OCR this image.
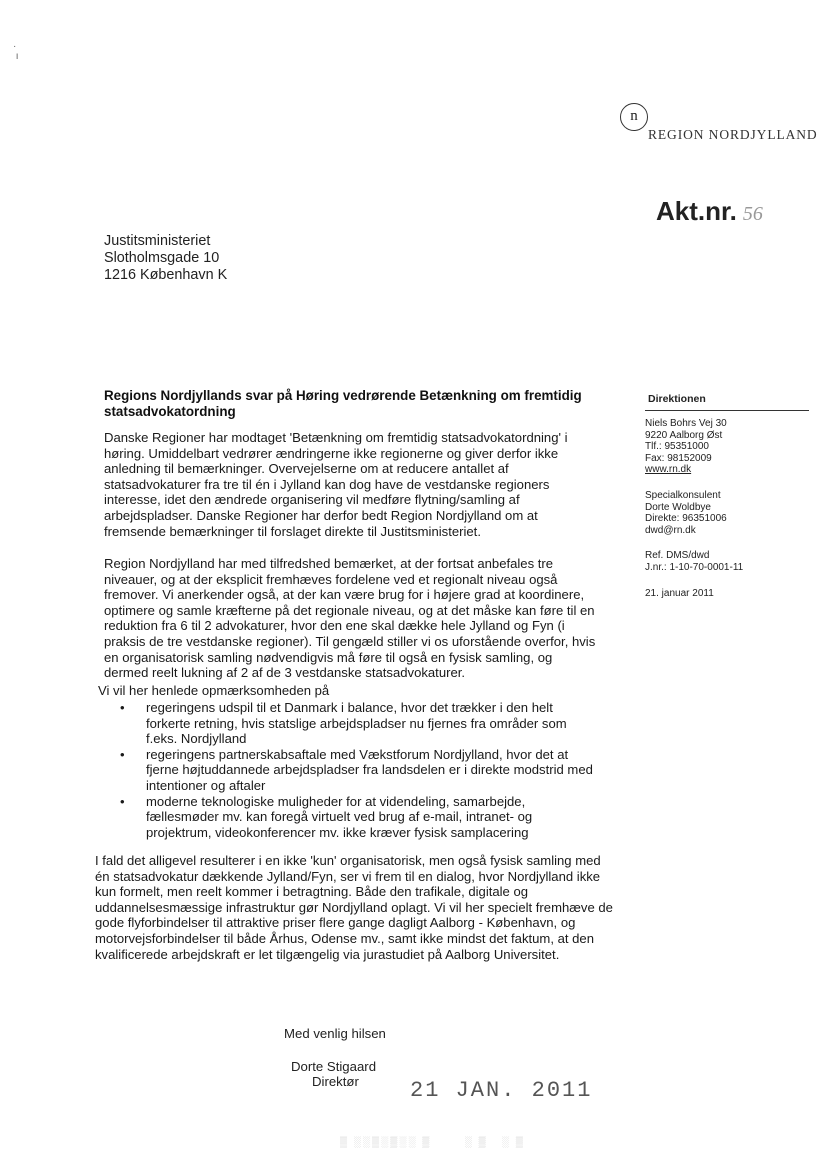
·
ı
n
REGION NORDJYLLAND
Akt.nr. 56
Justitsministeriet
Slotholmsgade 10
1216 København K
Regions Nordjyllands svar på Høring vedrørende Betænkning om fremtidig statsadvokatordning

Danske Regioner har modtaget 'Betænkning om fremtidig statsadvokatordning' i høring. Umiddelbart vedrører ændringerne ikke regionerne og giver derfor ikke anledning til bemærkninger. Overvejelserne om at reducere antallet af statsadvokaturer fra tre til én i Jylland kan dog have de vestdanske regioners interesse, idet den ændrede organisering vil medføre flytning/samling af arbejdspladser. Danske Regioner har derfor bedt Region Nordjylland om at fremsende bemærkninger til forslaget direkte til Justitsministeriet.

Region Nordjylland har med tilfredshed bemærket, at der fortsat anbefales tre niveauer, og at der eksplicit fremhæves fordelene ved et regionalt niveau også fremover. Vi anerkender også, at der kan være brug for i højere grad at koordinere, optimere og samle kræfterne på det regionale niveau, og at det måske kan føre til en reduktion fra 6 til 2 advokaturer, hvor den ene skal dække hele Jylland og Fyn (i praksis de tre vestdanske regioner). Til gengæld stiller vi os uforstående overfor, hvis en organisatorisk samling nødvendigvis må føre til også en fysisk samling, og dermed reelt lukning af 2 af de 3 vestdanske statsadvokaturer.

Vi vil her henlede opmærksomheden på

• regeringens udspil til et Danmark i balance, hvor det trækker i den helt forkerte retning, hvis statslige arbejdspladser nu fjernes fra områder som f.eks. Nordjylland
• regeringens partnerskabsaftale med Vækstforum Nordjylland, hvor det at fjerne højtuddannede arbejdspladser fra landsdelen er i direkte modstrid med intentioner og aftaler
• moderne teknologiske muligheder for at videndeling, samarbejde, fællesmøder mv. kan foregå virtuelt ved brug af e-mail, intranet- og projektrum, videokonferencer mv. ikke kræver fysisk samplacering

I fald det alligevel resulterer i en ikke 'kun' organisatorisk, men også fysisk samling med én statsadvokatur dækkende Jylland/Fyn, ser vi frem til en dialog, hvor Nordjylland ikke kun formelt, men reelt kommer i betragtning. Både den trafikale, digitale og uddannelsesmæssige infrastruktur gør Nordjylland oplagt. Vi vil her specielt fremhæve de gode flyforbindelser til attraktive priser flere gange dagligt Aalborg - København, og motorvejsforbindelser til både Århus, Odense mv., samt ikke mindst det faktum, at den kvalificerede arbejdskraft er let tilgængelig via jurastudiet på Aalborg Universitet.

Med venlig hilsen
Dorte Stigaard
Direktør 21 JAN. 2011
▒ ░░▒░▒░░ ▒       ░ ▒   ░ ▒
Direktionen
Niels Bohrs Vej 30
9220 Aalborg Øst
Tlf.: 95351000
Fax: 98152009
www.rn.dk
Specialkonsulent
Dorte Woldbye
Direkte: 96351006
dwd@rn.dk
Ref. DMS/dwd
J.nr.: 1-10-70-0001-11
21. januar 2011
